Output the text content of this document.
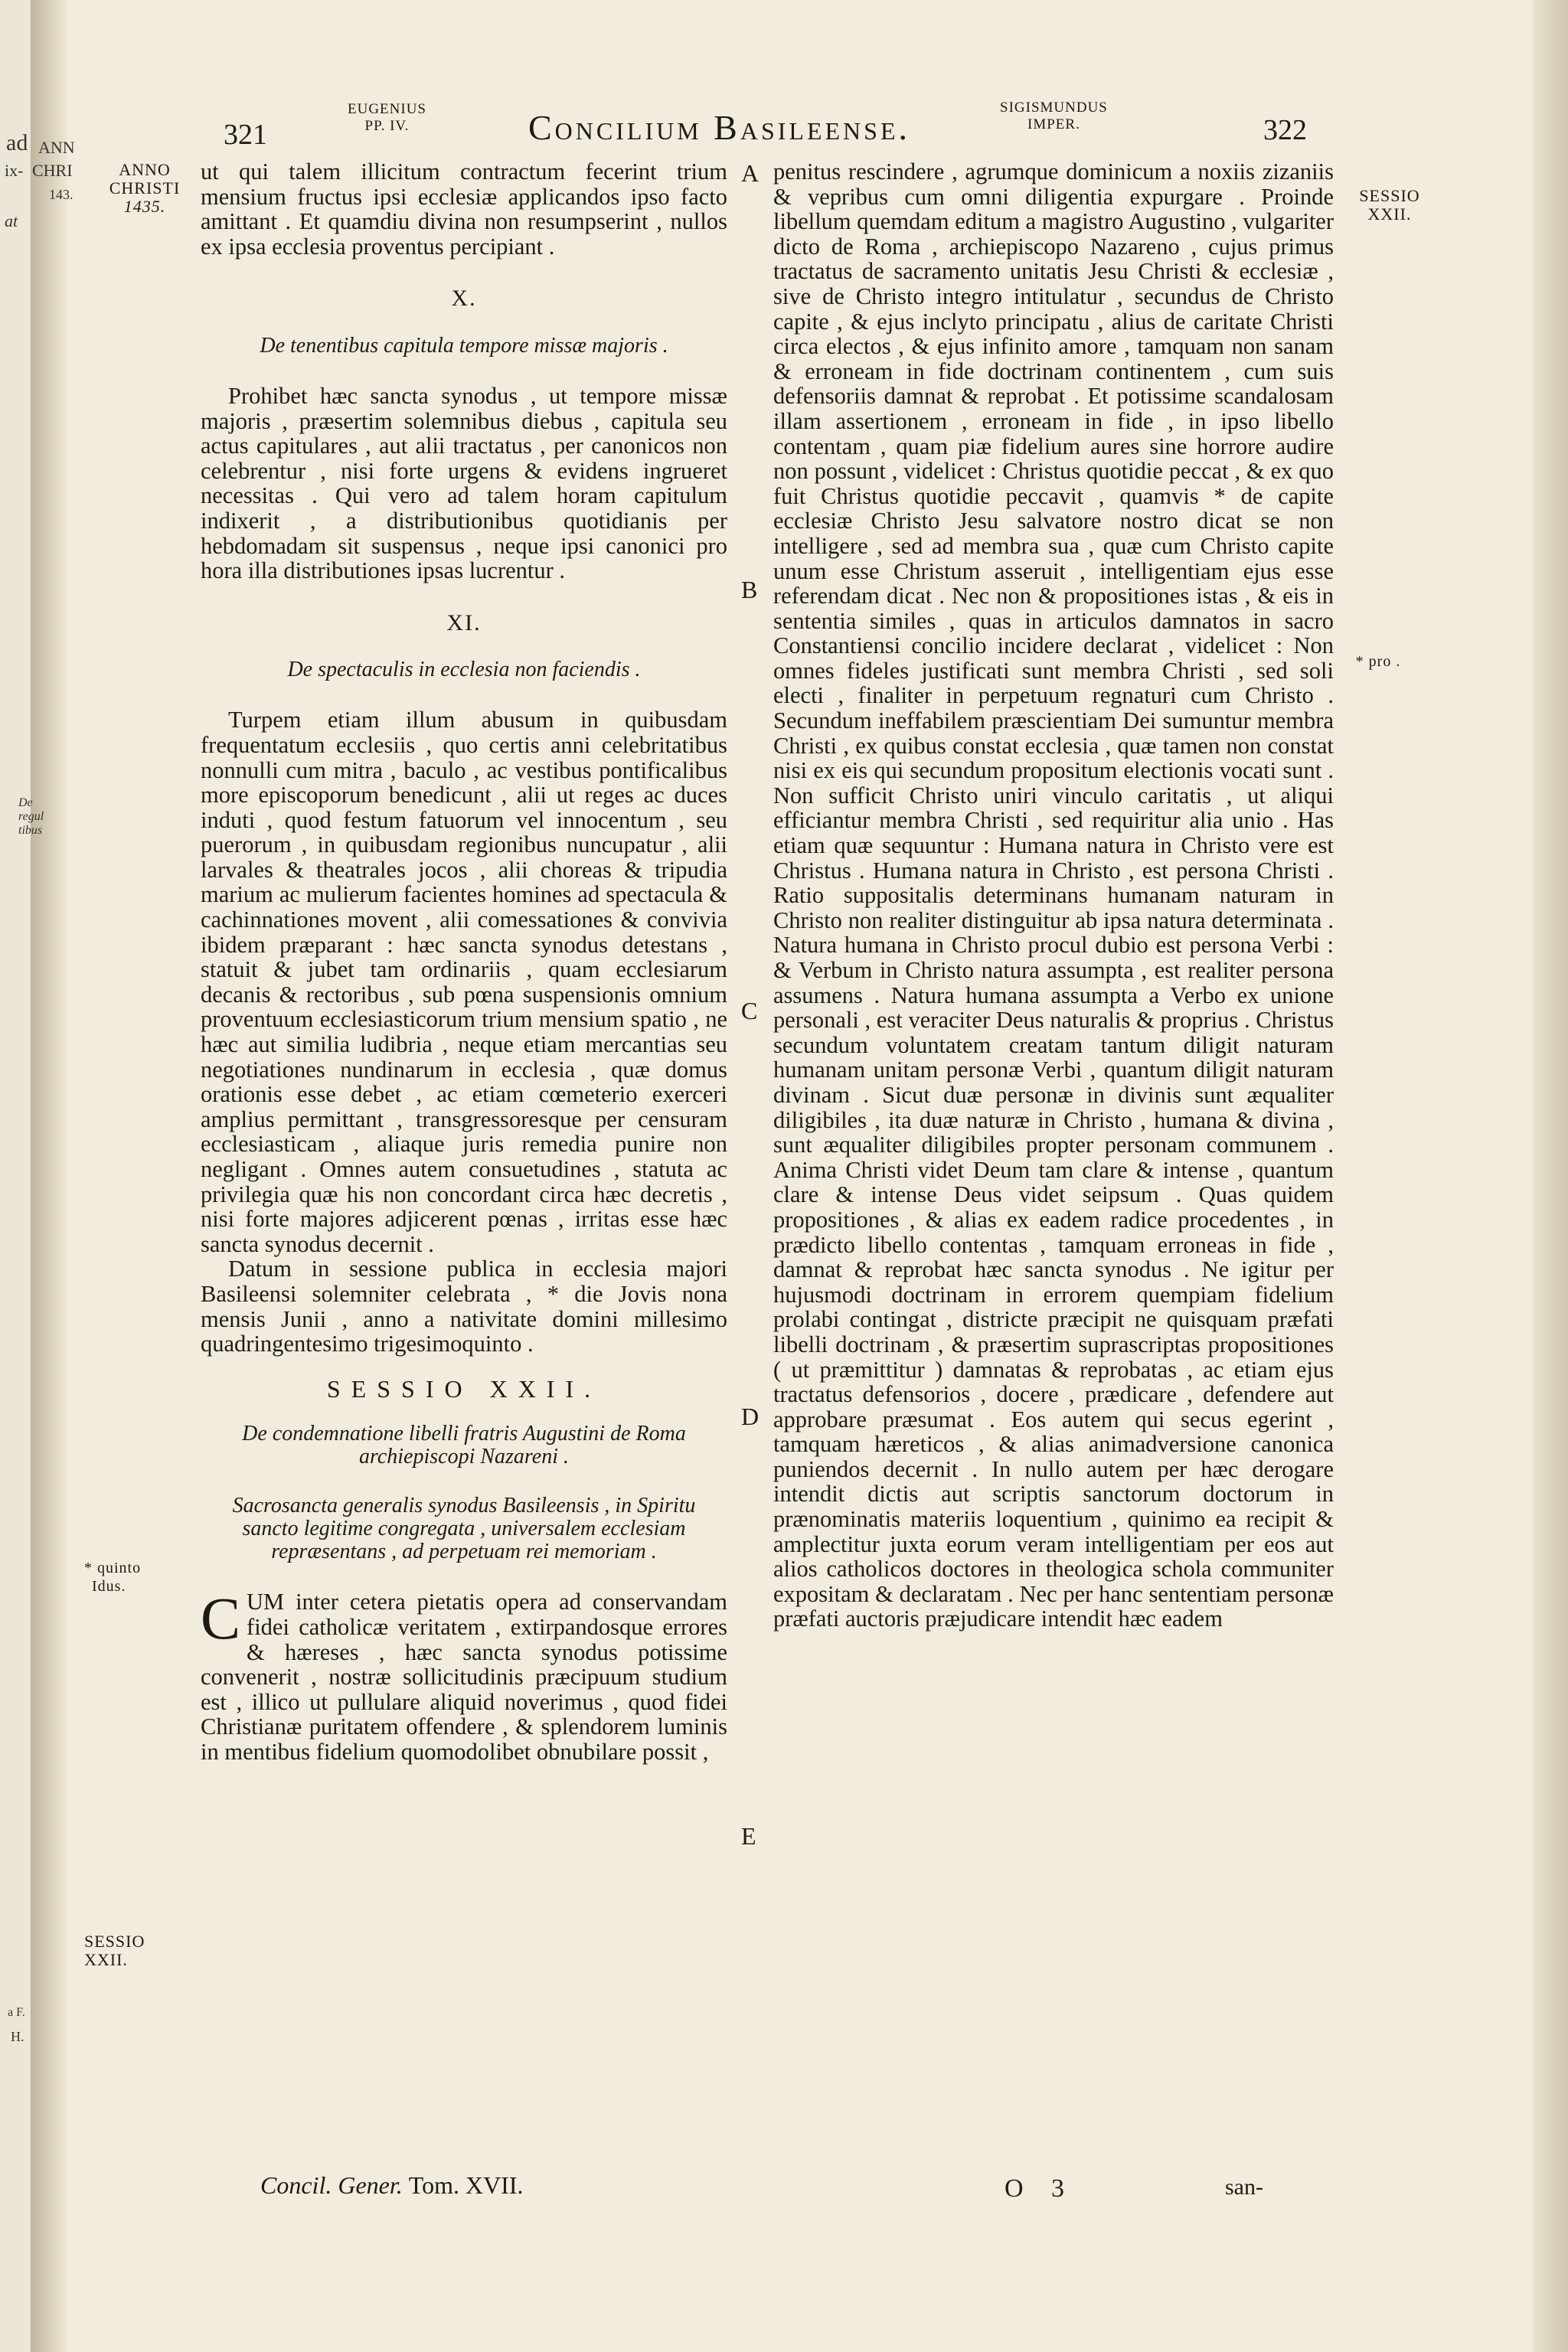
ad
ix-
ANN
CHRI
143.
at
De regul tibus
a F.
H.
321
EUGENIUS
PP. IV.	Concilium Basileense.
SIGISMUNDUS
IMPER.	322
ANNO
CHRISTI
1435.
SESSIO
XXII.
* pro .
* quinto
Idus.
SESSIO
XXII.
A
B
C
D
E

ut qui talem illicitum contractum fecerint trium mensium fructus ipsi ecclesiæ applicandos ipso facto amittant . Et quamdiu divina non resumpserint , nullos ex ipsa ecclesia proventus percipiant .

X.
De tenentibus capitula tempore missæ majoris .

Prohibet hæc sancta synodus , ut tempore missæ majoris , præsertim solemnibus diebus , capitula seu actus capitulares , aut alii tractatus , per canonicos non celebrentur , nisi forte urgens & evidens ingrueret necessitas . Qui vero ad talem horam capitulum indixerit , a distributionibus quotidianis per hebdomadam sit suspensus , neque ipsi canonici pro hora illa distributiones ipsas lucrentur .

XI.
De spectaculis in ecclesia non faciendis .

Turpem etiam illum abusum in quibusdam frequentatum ecclesiis , quo certis anni celebritatibus nonnulli cum mitra , baculo , ac vestibus pontificalibus more episcoporum benedicunt , alii ut reges ac duces induti , quod festum fatuorum vel innocentum , seu puerorum , in quibusdam regionibus nuncupatur , alii larvales & theatrales jocos , alii choreas & tripudia marium ac mulierum facientes homines ad spectacula & cachinnationes movent , alii comessationes & convivia ibidem præparant : hæc sancta synodus detestans , statuit & jubet tam ordinariis , quam ecclesiarum decanis & rectoribus , sub pœna suspensionis omnium proventuum ecclesiasticorum trium mensium spatio , ne hæc aut similia ludibria , neque etiam mercantias seu negotiationes nundinarum in ecclesia , quæ domus orationis esse debet , ac etiam cœmeterio exerceri amplius permittant , transgressoresque per censuram ecclesiasticam , aliaque juris remedia punire non negligant . Omnes autem consuetudines , statuta ac privilegia quæ his non concordant circa hæc decretis , nisi forte majores adjicerent pœnas , irritas esse hæc sancta synodus decernit .

Datum in sessione publica in ecclesia majori Basileensi solemniter celebrata , * die Jovis nona mensis Junii , anno a nativitate domini millesimo quadringentesimo trigesimoquinto .

SESSIO XXII.
De condemnatione libelli fratris Augustini de Roma archiepiscopi Nazareni .
Sacrosancta generalis synodus Basileensis , in Spiritu sancto legitime congregata , universalem ecclesiam repræsentans , ad perpetuam rei memoriam .

CUM inter cetera pietatis opera ad conservandam fidei catholicæ veritatem , extirpandosque errores & hæreses , hæc sancta synodus potissime convenerit , nostræ sollicitudinis præcipuum studium est , illico ut pullulare aliquid noverimus , quod fidei Christianæ puritatem offendere , & splendorem luminis in mentibus fidelium quomodolibet obnubilare possit ,

penitus rescindere , agrumque dominicum a noxiis zizaniis & vepribus cum omni diligentia expurgare . Proinde libellum quemdam editum a magistro Augustino , vulgariter dicto de Roma , archiepiscopo Nazareno , cujus primus tractatus de sacramento unitatis Jesu Christi & ecclesiæ , sive de Christo integro intitulatur , secundus de Christo capite , & ejus inclyto principatu , alius de caritate Christi circa electos , & ejus infinito amore , tamquam non sanam & erroneam in fide doctrinam continentem , cum suis defensoriis damnat & reprobat . Et potissime scandalosam illam assertionem , erroneam in fide , in ipso libello contentam , quam piæ fidelium aures sine horrore audire non possunt , videlicet : Christus quotidie peccat , & ex quo fuit Christus quotidie peccavit , quamvis * de capite ecclesiæ Christo Jesu salvatore nostro dicat se non intelligere , sed ad membra sua , quæ cum Christo capite unum esse Christum asseruit , intelligentiam ejus esse referendam dicat . Nec non & propositiones istas , & eis in sententia similes , quas in articulos damnatos in sacro Constantiensi concilio incidere declarat , videlicet : Non omnes fideles justificati sunt membra Christi , sed soli electi , finaliter in perpetuum regnaturi cum Christo . Secundum ineffabilem præscientiam Dei sumuntur membra Christi , ex quibus constat ecclesia , quæ tamen non constat nisi ex eis qui secundum propositum electionis vocati sunt . Non sufficit Christo uniri vinculo caritatis , ut aliqui efficiantur membra Christi , sed requiritur alia unio . Has etiam quæ sequuntur : Humana natura in Christo vere est Christus . Humana natura in Christo , est persona Christi . Ratio suppositalis determinans humanam naturam in Christo non realiter distinguitur ab ipsa natura determinata . Natura humana in Christo procul dubio est persona Verbi : & Verbum in Christo natura assumpta , est realiter persona assumens . Natura humana assumpta a Verbo ex unione personali , est veraciter Deus naturalis & proprius . Christus secundum voluntatem creatam tantum diligit naturam humanam unitam personæ Verbi , quantum diligit naturam divinam . Sicut duæ personæ in divinis sunt æqualiter diligibiles , ita duæ naturæ in Christo , humana & divina , sunt æqualiter diligibiles propter personam communem . Anima Christi videt Deum tam clare & intense , quantum clare & intense Deus videt seipsum . Quas quidem propositiones , & alias ex eadem radice procedentes , in prædicto libello contentas , tamquam erroneas in fide , damnat & reprobat hæc sancta synodus . Ne igitur per hujusmodi doctrinam in errorem quempiam fidelium prolabi contingat , districte præcipit ne quisquam præfati libelli doctrinam , & præsertim suprascriptas propositiones ( ut præmittitur ) damnatas & reprobatas , ac etiam ejus tractatus defensorios , docere , prædicare , defendere aut approbare præsumat . Eos autem qui secus egerint , tamquam hæreticos , & alias animadversione canonica puniendos decernit . In nullo autem per hæc derogare intendit dictis aut scriptis sanctorum doctorum in prænominatis materiis loquentium , quinimo ea recipit & amplectitur juxta eorum veram intelligentiam per eos aut alios catholicos doctores in theologica schola communiter expositam & declaratam . Nec per hanc sententiam personæ præfati auctoris præjudicare intendit hæc eadem

Concil. Gener. Tom. XVII.	O 3	san-
